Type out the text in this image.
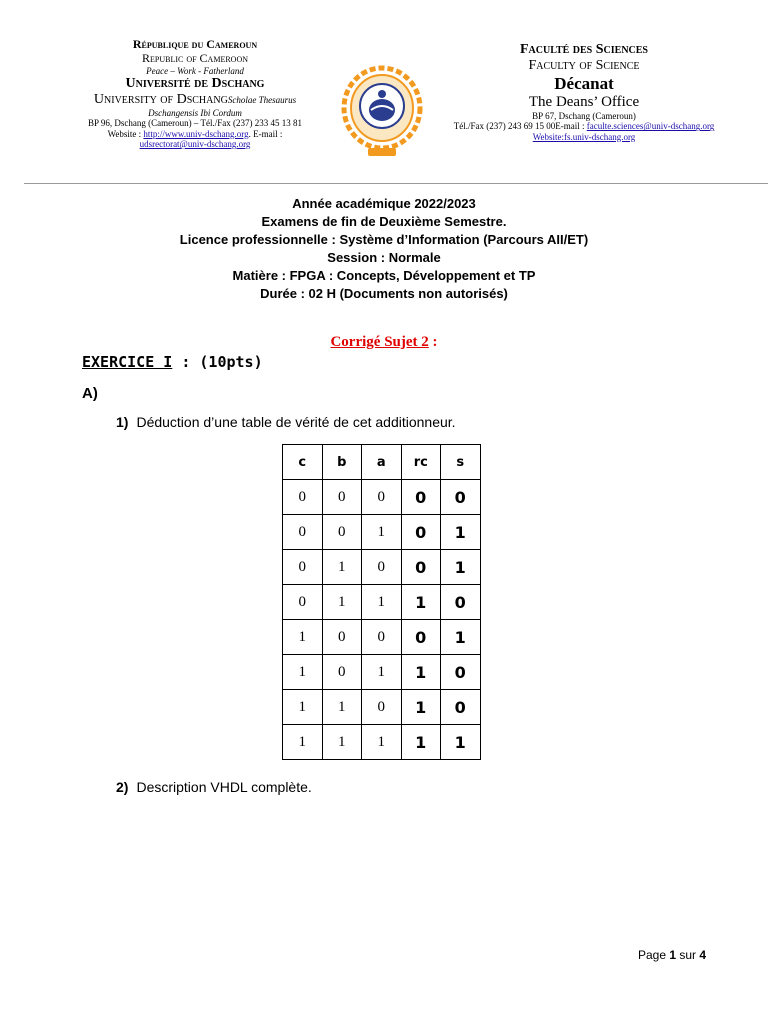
République du Cameroun
Republic of Cameroon
Peace – Work - Fatherland
Université de Dschang
University of DschangScholae Thesaurus
Dschangensis Ibi Cordum
BP 96, Dschang (Cameroun) – Tél./Fax (237) 233 45 13 81
Website : http://www.univ-dschang.org. E-mail :
udsrectorat@univ-dschang.org
Faculté des Sciences
Faculty of Science
Décanat
The Deans’ Office
BP 67, Dschang (Cameroun)
Tél./Fax (237) 243 69 15 00E-mail : faculte.sciences@univ-dschang.org
Website:fs.univ-dschang.org
Année académique 2022/2023
Examens de fin de Deuxième Semestre.
Licence professionnelle : Système d’Information (Parcours AII/ET)
Session : Normale
Matière : FPGA : Concepts, Développement et TP
Durée : 02 H (Documents non autorisés)
Corrigé Sujet 2 :
EXERCICE I : (10pts)
A)
1) Déduction d’une table de vérité de cet additionneur.
c	b	a	rc	s
0	0	0	0	0
0	0	1	0	1
0	1	0	0	1
0	1	1	1	0
1	0	0	0	1
1	0	1	1	0
1	1	0	1	0
1	1	1	1	1
2) Description VHDL complète.
Page 1 sur 4
